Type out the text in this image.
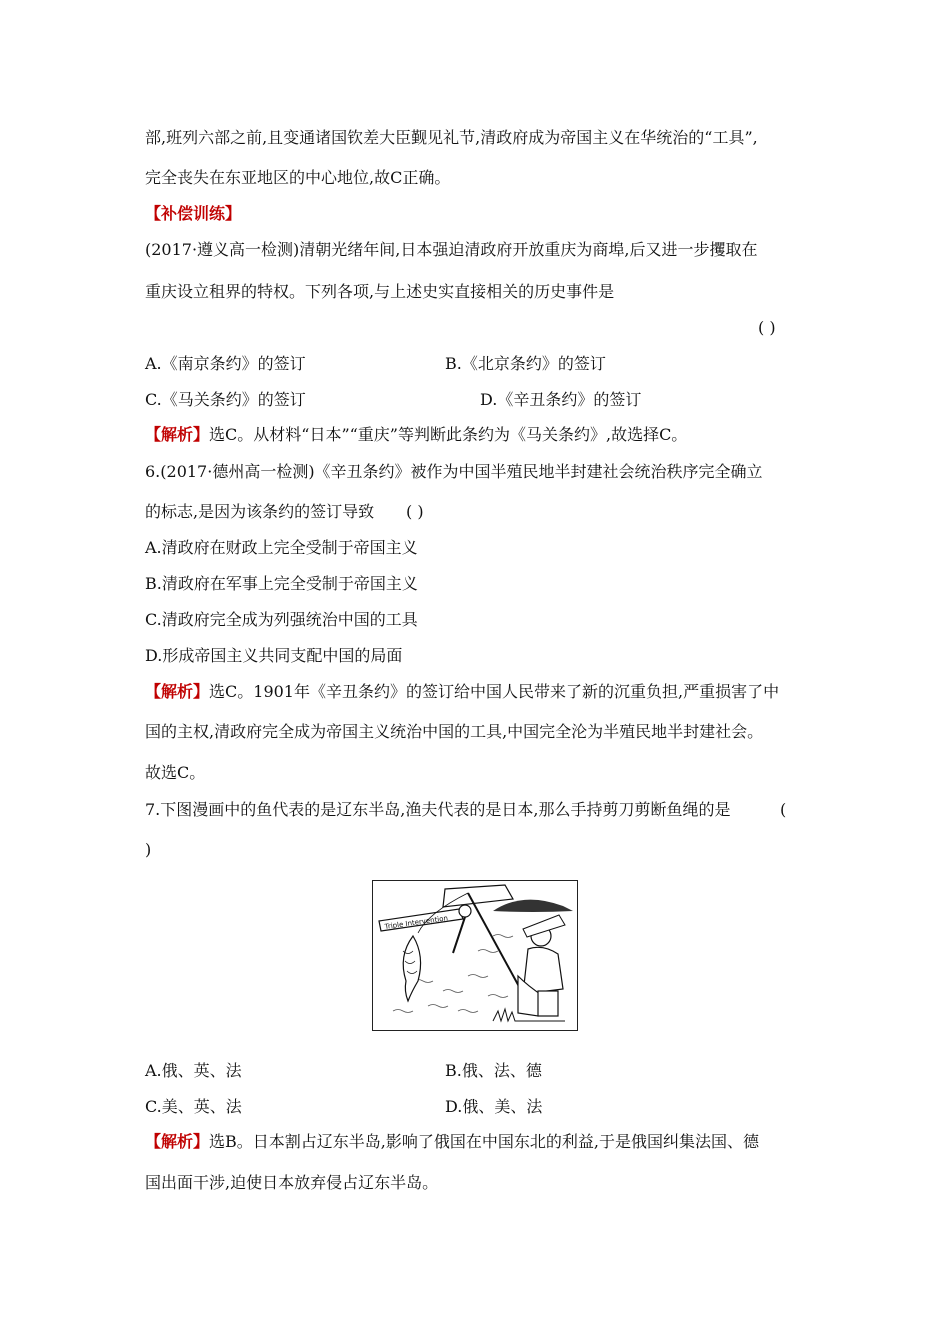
部,班列六部之前,且变通诸国钦差大臣觐见礼节,清政府成为帝国主义在华统治的“工具”,
完全丧失在东亚地区的中心地位,故C正确。
【补偿训练】
(2017·遵义高一检测)清朝光绪年间,日本强迫清政府开放重庆为商埠,后又进一步攫取在
重庆设立租界的特权。下列各项,与上述史实直接相关的历史事件是
( )
A.《南京条约》的签订	B.《北京条约》的签订
C.《马关条约》的签订	D.《辛丑条约》的签订
【解析】选C。从材料“日本”“重庆”等判断此条约为《马关条约》,故选择C。
6.(2017·德州高一检测)《辛丑条约》被作为中国半殖民地半封建社会统治秩序完全确立
的标志,是因为该条约的签订导致 ( )
A.清政府在财政上完全受制于帝国主义
B.清政府在军事上完全受制于帝国主义
C.清政府完全成为列强统治中国的工具
D.形成帝国主义共同支配中国的局面
【解析】选C。1901年《辛丑条约》的签订给中国人民带来了新的沉重负担,严重损害了中
国的主权,清政府完全成为帝国主义统治中国的工具,中国完全沦为半殖民地半封建社会。
故选C。
7.下图漫画中的鱼代表的是辽东半岛,渔夫代表的是日本,那么手持剪刀剪断鱼绳的是	(
)
Triple Intervention
A.俄、英、法	B.俄、法、德
C.美、英、法	D.俄、美、法
【解析】选B。日本割占辽东半岛,影响了俄国在中国东北的利益,于是俄国纠集法国、德
国出面干涉,迫使日本放弃侵占辽东半岛。
